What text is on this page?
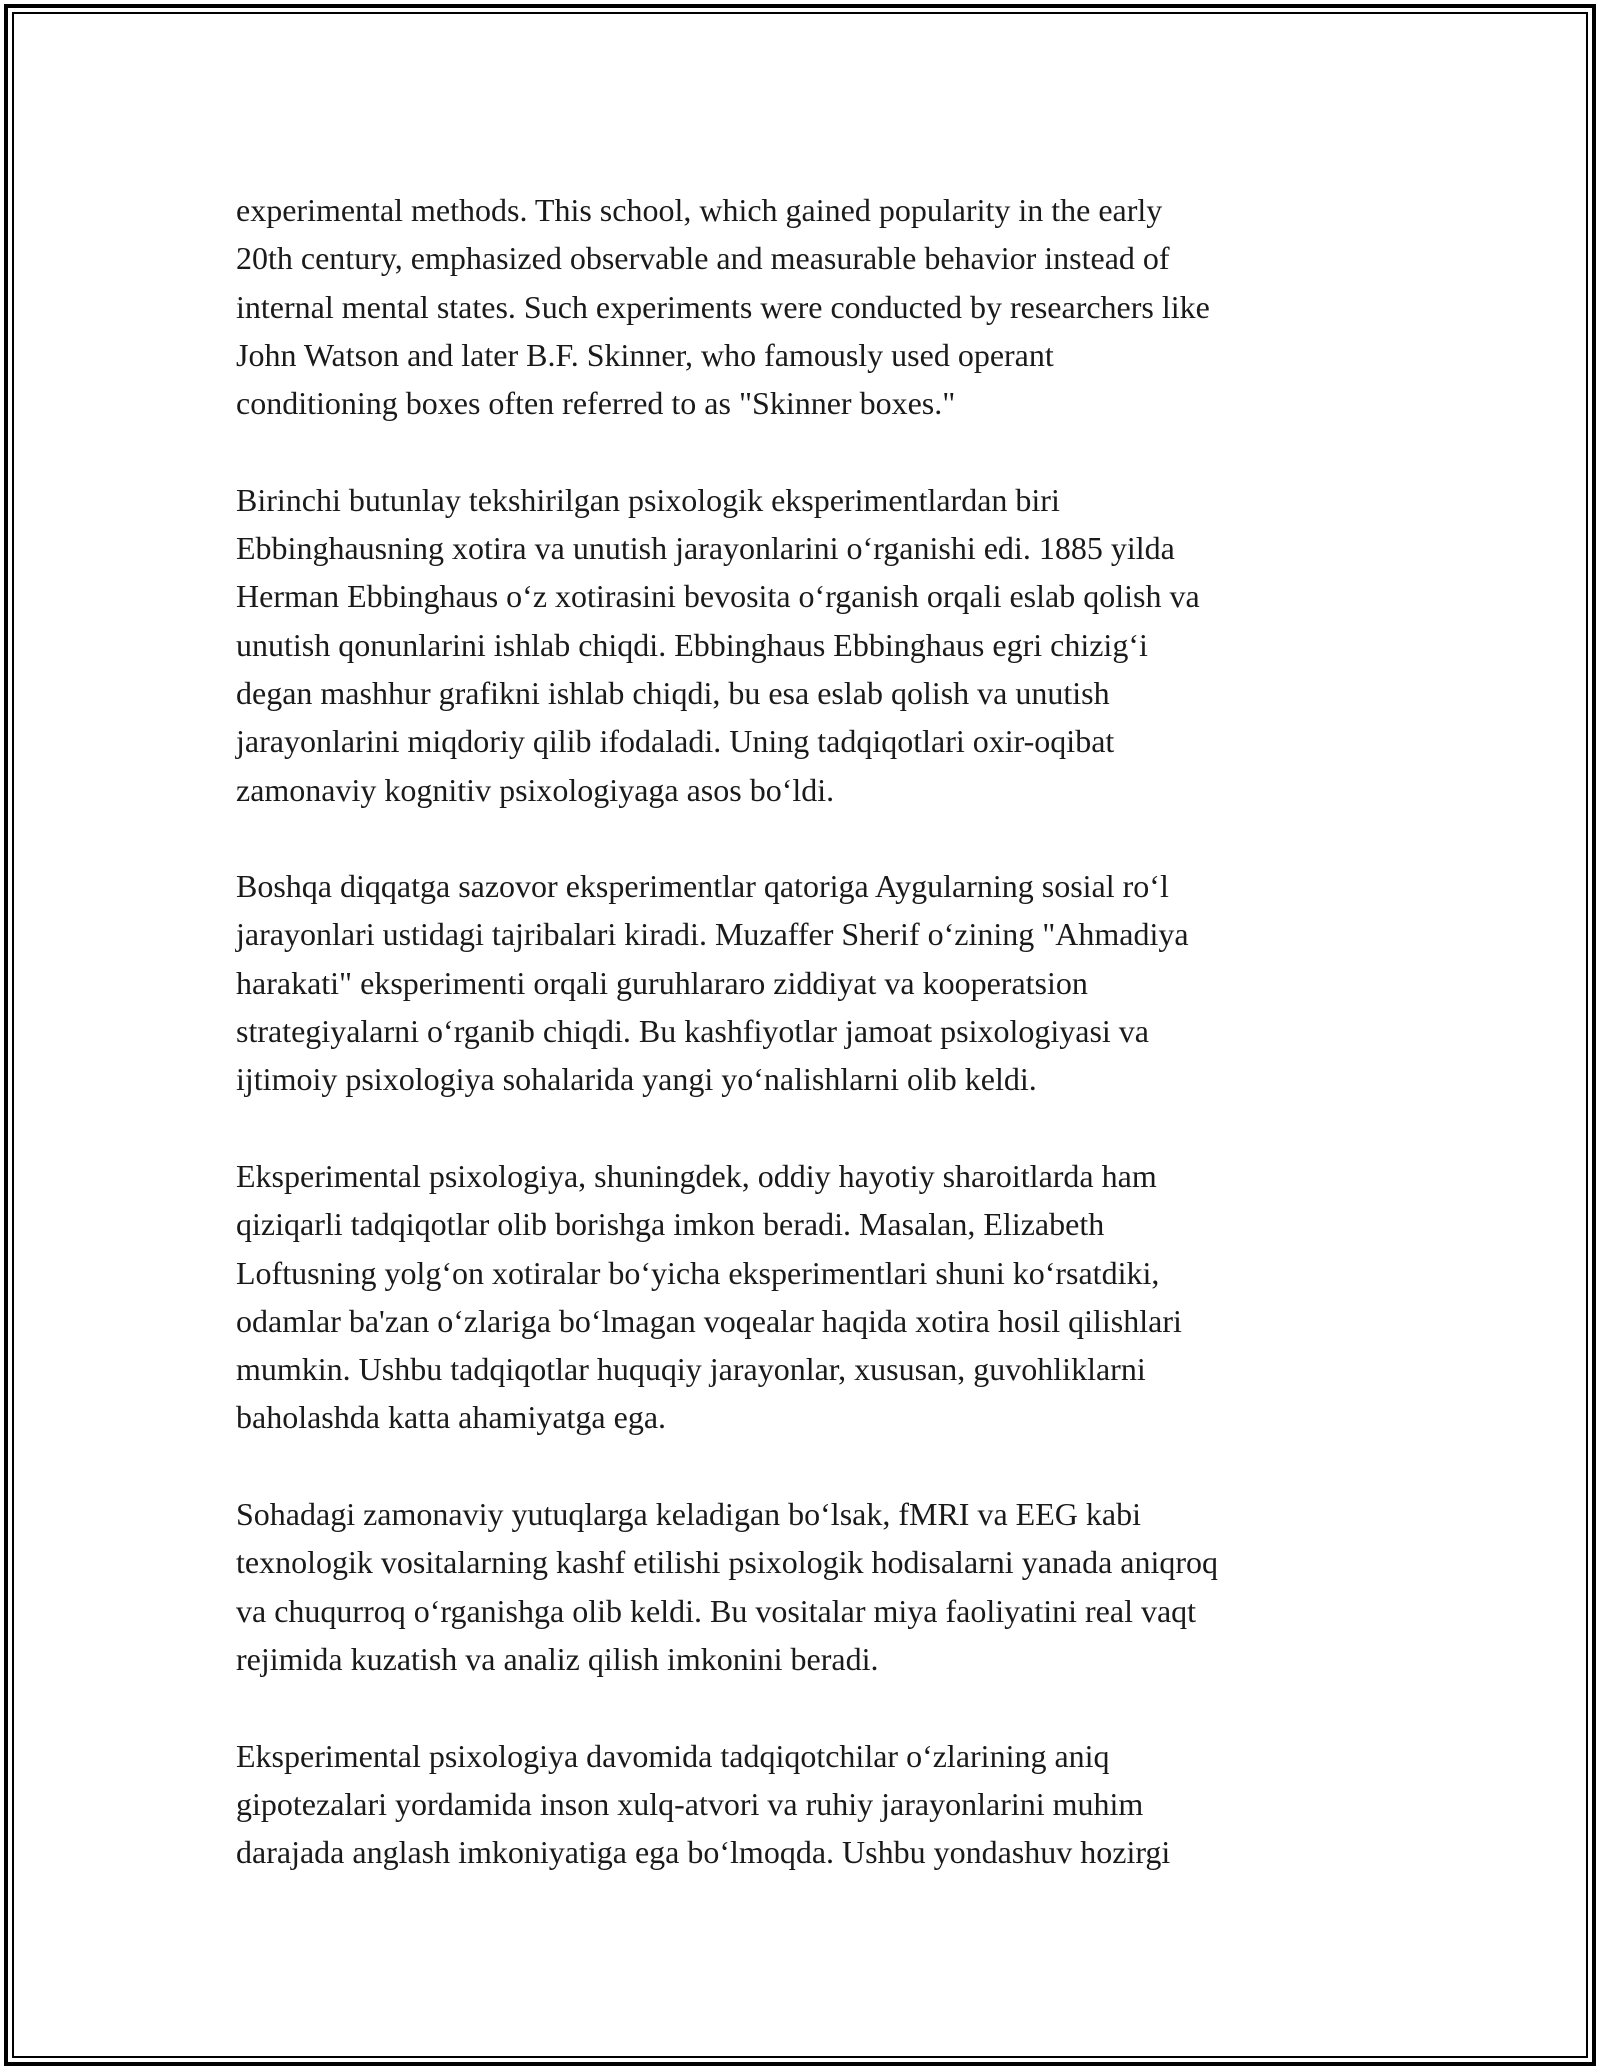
experimental methods. This school, which gained popularity in the early
20th century, emphasized observable and measurable behavior instead of
internal mental states. Such experiments were conducted by researchers like
John Watson and later B.F. Skinner, who famously used operant
conditioning boxes often referred to as "Skinner boxes."

Birinchi butunlay tekshirilgan psixologik eksperimentlardan biri
Ebbinghausning xotira va unutish jarayonlarini o‘rganishi edi. 1885 yilda
Herman Ebbinghaus o‘z xotirasini bevosita o‘rganish orqali eslab qolish va
unutish qonunlarini ishlab chiqdi. Ebbinghaus Ebbinghaus egri chizig‘i
degan mashhur grafikni ishlab chiqdi, bu esa eslab qolish va unutish
jarayonlarini miqdoriy qilib ifodaladi. Uning tadqiqotlari oxir-oqibat
zamonaviy kognitiv psixologiyaga asos bo‘ldi.

Boshqa diqqatga sazovor eksperimentlar qatoriga Aygularning sosial ro‘l
jarayonlari ustidagi tajribalari kiradi. Muzaffer Sherif o‘zining "Ahmadiya
harakati" eksperimenti orqali guruhlararo ziddiyat va kooperatsion
strategiyalarni o‘rganib chiqdi. Bu kashfiyotlar jamoat psixologiyasi va
ijtimoiy psixologiya sohalarida yangi yo‘nalishlarni olib keldi.

Eksperimental psixologiya, shuningdek, oddiy hayotiy sharoitlarda ham
qiziqarli tadqiqotlar olib borishga imkon beradi. Masalan, Elizabeth
Loftusning yolg‘on xotiralar bo‘yicha eksperimentlari shuni ko‘rsatdiki,
odamlar ba'zan o‘zlariga bo‘lmagan voqealar haqida xotira hosil qilishlari
mumkin. Ushbu tadqiqotlar huquqiy jarayonlar, xususan, guvohliklarni
baholashda katta ahamiyatga ega.

Sohadagi zamonaviy yutuqlarga keladigan bo‘lsak, fMRI va EEG kabi
texnologik vositalarning kashf etilishi psixologik hodisalarni yanada aniqroq
va chuqurroq o‘rganishga olib keldi. Bu vositalar miya faoliyatini real vaqt
rejimida kuzatish va analiz qilish imkonini beradi.

Eksperimental psixologiya davomida tadqiqotchilar o‘zlarining aniq
gipotezalari yordamida inson xulq-atvori va ruhiy jarayonlarini muhim
darajada anglash imkoniyatiga ega bo‘lmoqda. Ushbu yondashuv hozirgi
